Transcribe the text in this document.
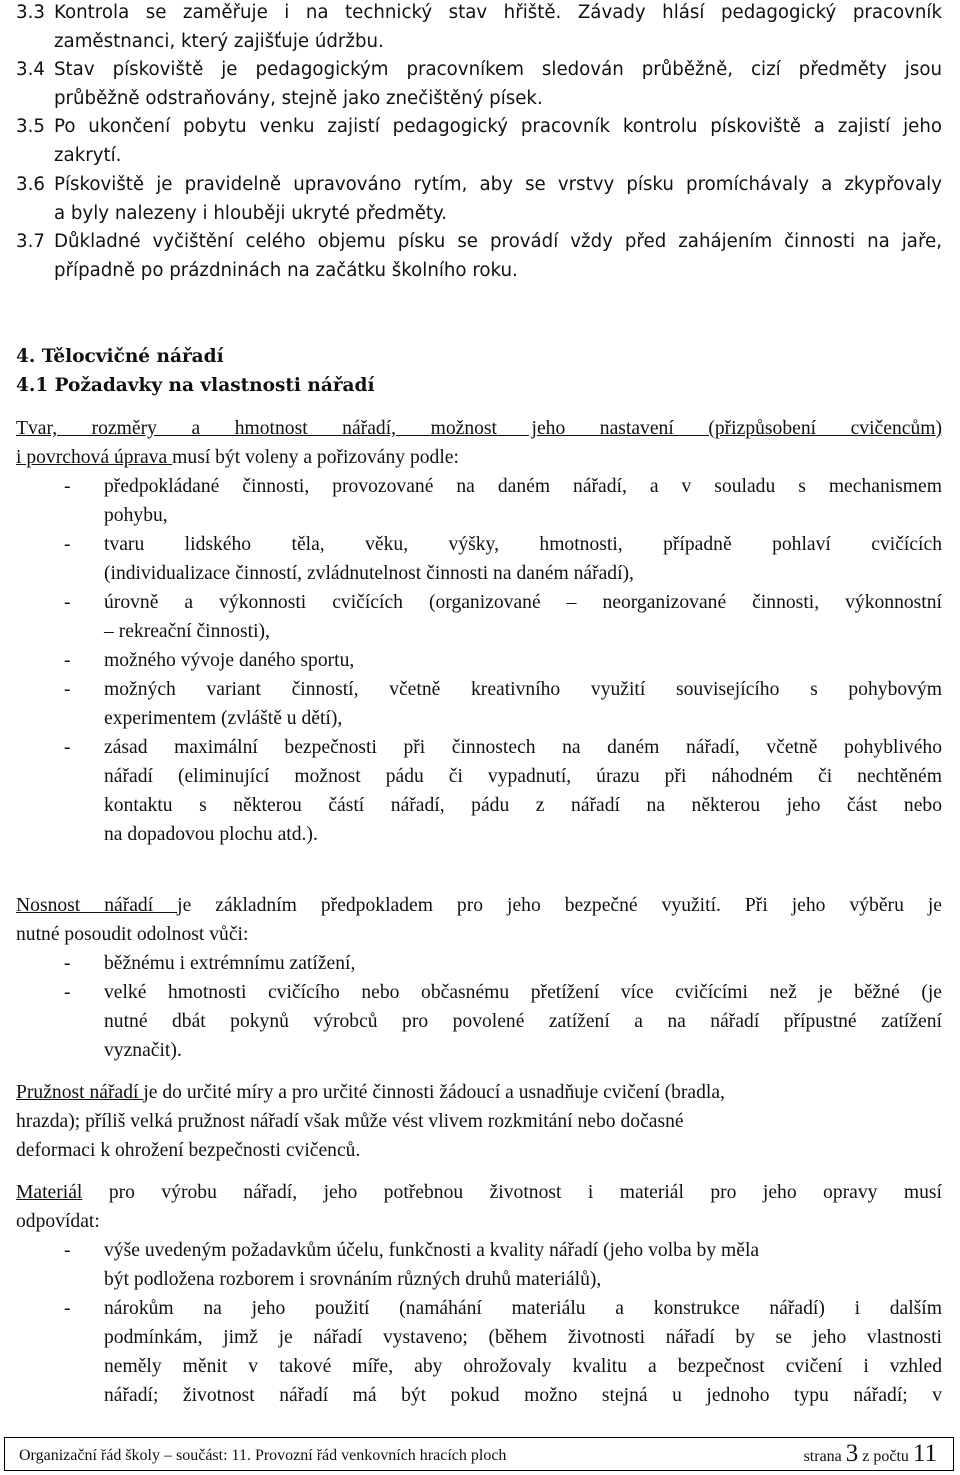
3.3 Kontrola se zaměřuje i na technický stav hřiště. Závady hlásí pedagogický pracovník
zaměstnanci, který zajišťuje údržbu.
3.4 Stav pískoviště je pedagogickým pracovníkem sledován průběžně, cizí předměty jsou
průběžně odstraňovány, stejně jako znečištěný písek.
3.5 Po ukončení pobytu venku zajistí pedagogický pracovník kontrolu pískoviště a zajistí jeho
zakrytí.
3.6 Pískoviště je pravidelně upravováno rytím, aby se vrstvy písku promíchávaly a zkypřovaly
a byly nalezeny i hlouběji ukryté předměty.
3.7 Důkladné vyčištění celého objemu písku se provádí vždy před zahájením činnosti na jaře,
případně po prázdninách na začátku školního roku.
4. Tělocvičné nářadí
4.1 Požadavky na vlastnosti nářadí
Tvar, rozměry a hmotnost nářadí, možnost jeho nastavení (přizpůsobení cvičencům)
i povrchová úprava musí být voleny a pořizovány podle:
- předpokládané činnosti, provozované na daném nářadí, a v souladu s mechanismem
pohybu,
- tvaru lidského těla, věku, výšky, hmotnosti, případně pohlaví cvičících
(individualizace činností, zvládnutelnost činnosti na daném nářadí),
- úrovně a výkonnosti cvičících (organizované – neorganizované činnosti, výkonnostní
– rekreační činnosti),
- možného vývoje daného sportu,
- možných variant činností, včetně kreativního využití souvisejícího s pohybovým
experimentem (zvláště u dětí),
- zásad maximální bezpečnosti při činnostech na daném nářadí, včetně pohyblivého
nářadí (eliminující možnost pádu či vypadnutí, úrazu při náhodném či nechtěném
kontaktu s některou částí nářadí, pádu z nářadí na některou jeho část nebo
na dopadovou plochu atd.).
Nosnost nářadí je základním předpokladem pro jeho bezpečné využití. Při jeho výběru je
nutné posoudit odolnost vůči:
- běžnému i extrémnímu zatížení,
- velké hmotnosti cvičícího nebo občasnému přetížení více cvičícími než je běžné (je
nutné dbát pokynů výrobců pro povolené zatížení a na nářadí přípustné zatížení
vyznačit).
Pružnost nářadí je do určité míry a pro určité činnosti žádoucí a usnadňuje cvičení (bradla,
hrazda); příliš velká pružnost nářadí však může vést vlivem rozkmitání nebo dočasné
deformaci k ohrožení bezpečnosti cvičenců.
Materiál pro výrobu nářadí, jeho potřebnou životnost i materiál pro jeho opravy musí
odpovídat:
- výše uvedeným požadavkům účelu, funkčnosti a kvality nářadí (jeho volba by měla
být podložena rozborem i srovnáním různých druhů materiálů),
- nárokům na jeho použití (namáhání materiálu a konstrukce nářadí) i dalším
podmínkám, jimž je nářadí vystaveno; (během životnosti nářadí by se jeho vlastnosti
neměly měnit v takové míře, aby ohrožovaly kvalitu a bezpečnost cvičení i vzhled
nářadí; životnost nářadí má být pokud možno stejná u jednoho typu nářadí; v
Organizační řád školy – součást: 11. Provozní řád venkovních hracích ploch	strana 3 z počtu 11
